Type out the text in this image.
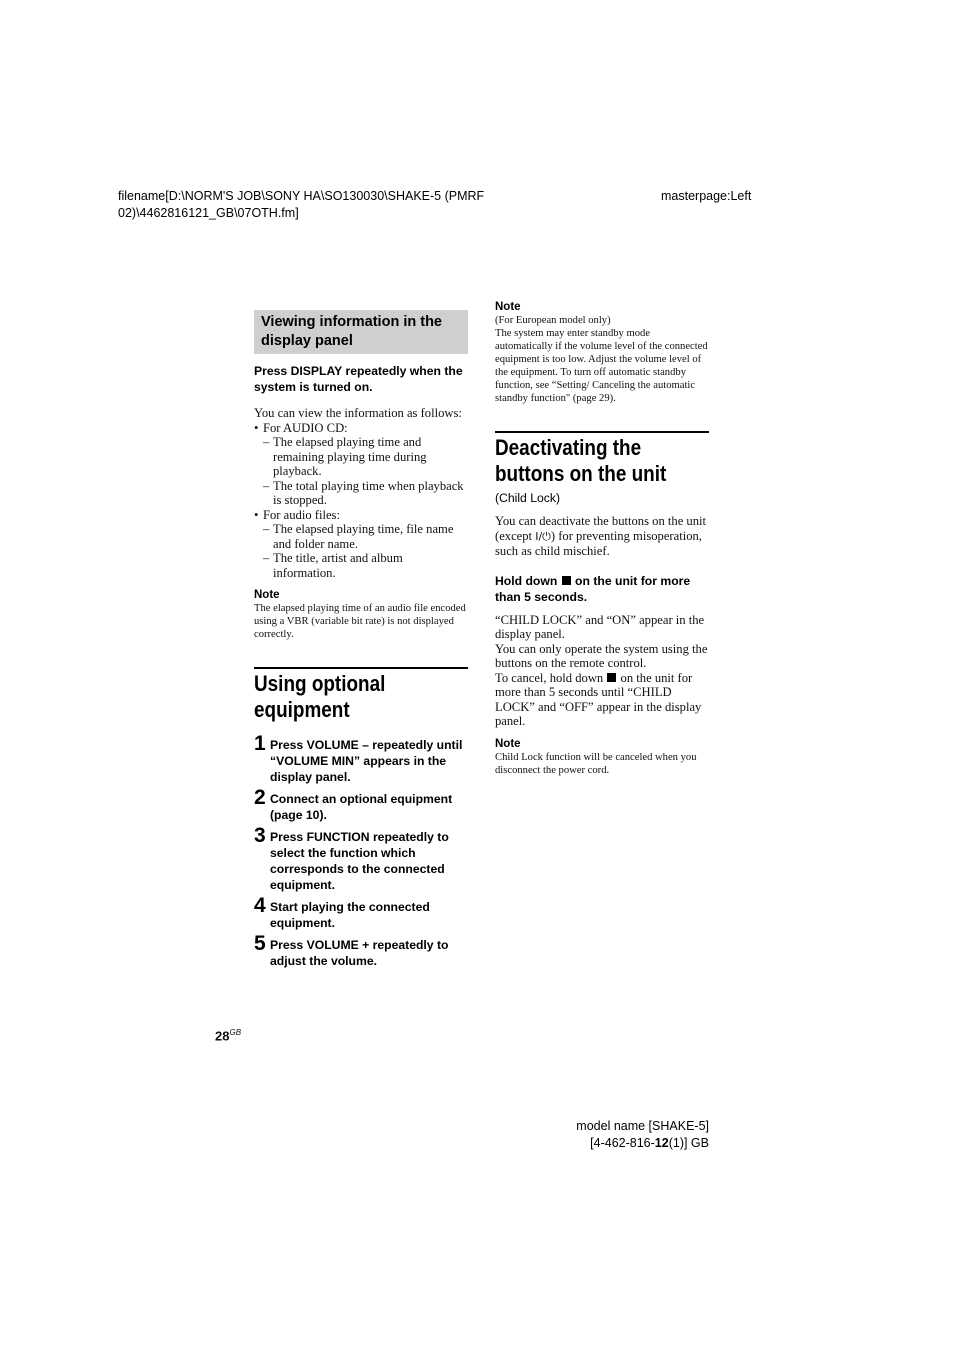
filename[D:\NORM'S JOB\SONY HA\SO130030\SHAKE-5 (PMRF
02)\4462816121_GB\07OTH.fm]
masterpage:Left
Viewing information in the
display panel
Press DISPLAY repeatedly when the system is turned on.
You can view the information as follows:
• For AUDIO CD:
– The elapsed playing time and remaining playing time during playback.
– The total playing time when playback is stopped.
• For audio files:
– The elapsed playing time, file name and folder name.
– The title, artist and album information.
Note
The elapsed playing time of an audio file encoded using a VBR (variable bit rate) is not displayed correctly.
Using optional
equipment
1 Press VOLUME – repeatedly until “VOLUME MIN” appears in the display panel.
2 Connect an optional equipment (page 10).
3 Press FUNCTION repeatedly to select the function which corresponds to the connected equipment.
4 Start playing the connected equipment.
5 Press VOLUME + repeatedly to adjust the volume.
Note
(For European model only)
The system may enter standby mode automatically if the volume level of the connected equipment is too low. Adjust the volume level of the equipment. To turn off automatic standby function, see “Setting/ Canceling the automatic standby function" (page 29).
Deactivating the
buttons on the unit
(Child Lock)
You can deactivate the buttons on the unit (except I/⏻) for preventing misoperation, such as child mischief.
Hold down  on the unit for more than 5 seconds.
“CHILD LOCK” and “ON” appear in the display panel.
You can only operate the system using the buttons on the remote control.
To cancel, hold down  on the unit for more than 5 seconds until “CHILD LOCK” and “OFF” appear in the display panel.
Note
Child Lock function will be canceled when you disconnect the power cord.
$28^{GB}$
model name [SHAKE-5]
[4-462-816-12(1)] GB
